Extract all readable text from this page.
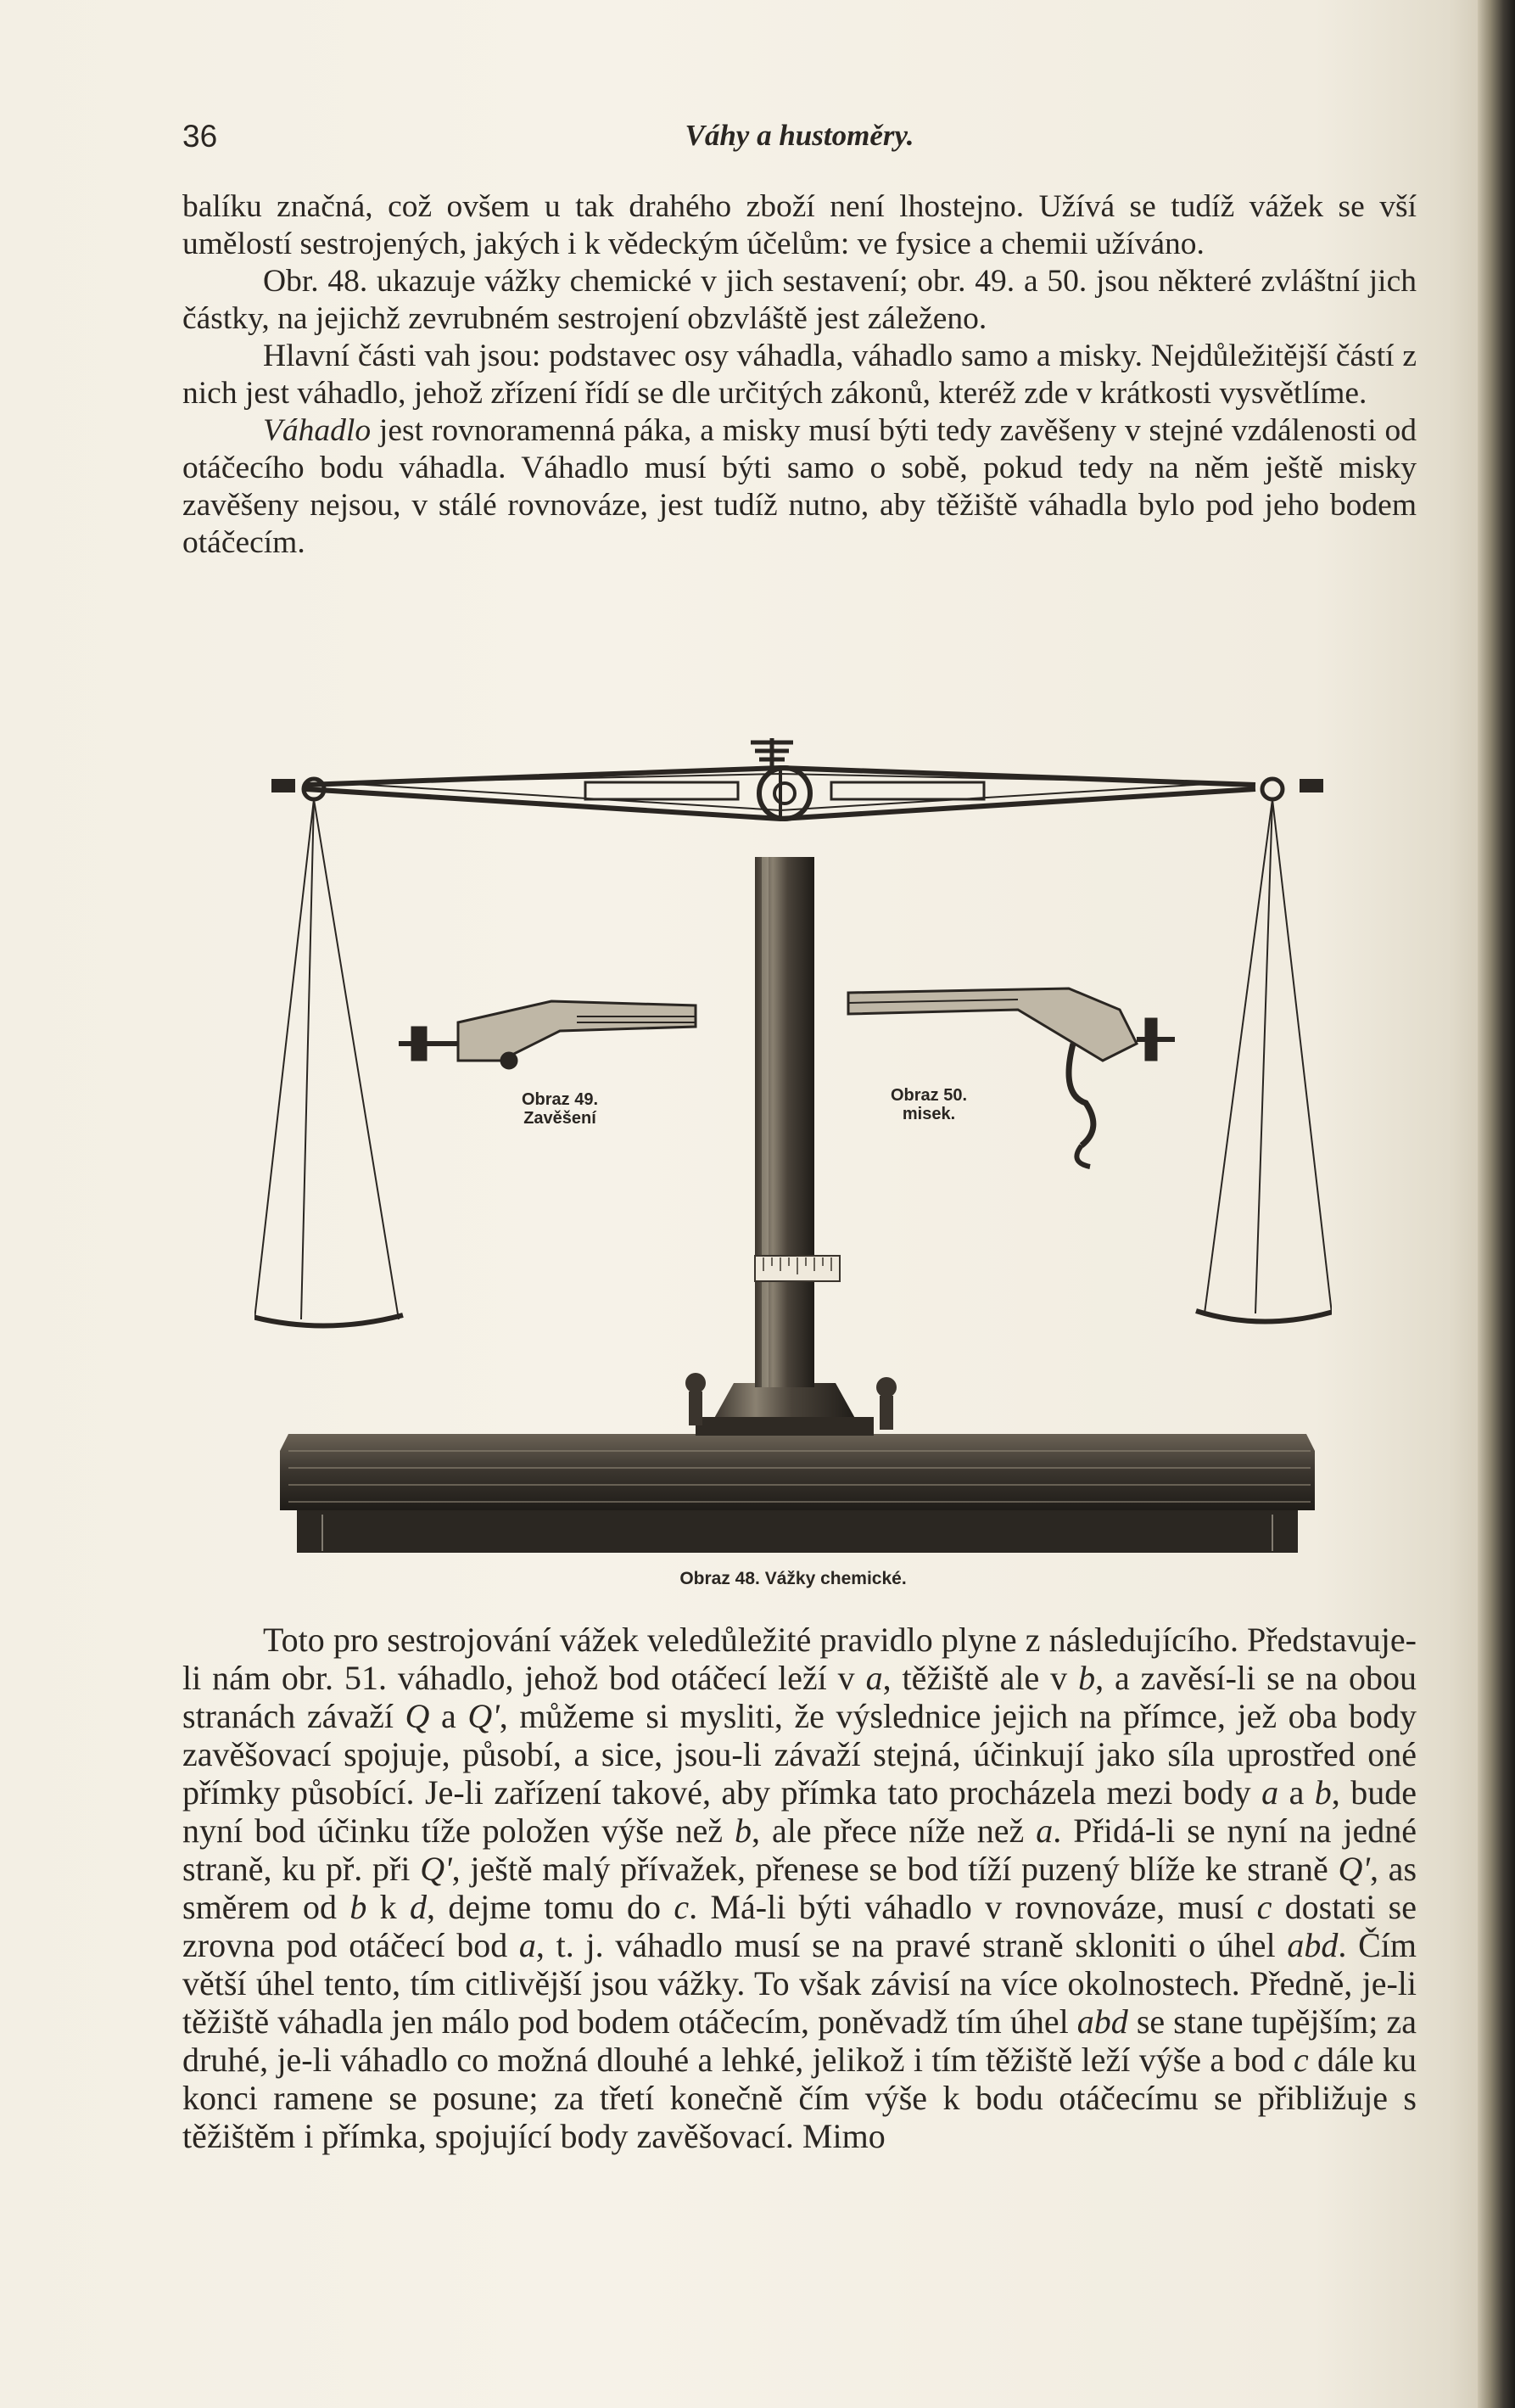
36	Váhy a hustoměry.

balíku značná, což ovšem u tak drahého zboží není lhostejno. Užívá se tudíž vážek se vší umělostí sestrojených, jakých i k vědeckým účelům: ve fysice a chemii užíváno.

Obr. 48. ukazuje vážky chemické v jich sestavení; obr. 49. a 50. jsou některé zvláštní jich částky, na jejichž zevrubném sestrojení obzvláště jest záleženo.

Hlavní části vah jsou: podstavec osy váhadla, váhadlo samo a misky. Nejdůležitější částí z nich jest váhadlo, jehož zřízení řídí se dle určitých zákonů, kteréž zde v krátkosti vysvětlíme.

Váhadlo jest rovnoramenná páka, a misky musí býti tedy zavěšeny v stejné vzdálenosti od otáčecího bodu váhadla. Váhadlo musí býti samo o sobě, pokud tedy na něm ještě misky zavěšeny nejsou, v stálé rovnováze, jest tudíž nutno, aby těžiště váhadla bylo pod jeho bodem otáčecím.

Obraz 49.
Zavěšení
Obraz 50.
misek.
Obraz 48. Vážky chemické.

Toto pro sestrojování vážek veledůležité pravidlo plyne z následujícího. Představuje-li nám obr. 51. váhadlo, jehož bod otáčecí leží v a, těžiště ale v b, a zavěsí-li se na obou stranách závaží Q a Q', můžeme si mysliti, že výslednice jejich na přímce, jež oba body zavěšovací spojuje, působí, a sice, jsou-li závaží stejná, účinkují jako síla uprostřed oné přímky působící. Je-li zařízení takové, aby přímka tato procházela mezi body a a b, bude nyní bod účinku tíže položen výše než b, ale přece níže než a. Přidá-li se nyní na jedné straně, ku př. při Q', ještě malý přívažek, přenese se bod tíží puzený blíže ke straně Q', as směrem od b k d, dejme tomu do c. Má-li býti váhadlo v rovnováze, musí c dostati se zrovna pod otáčecí bod a, t. j. váhadlo musí se na pravé straně skloniti o úhel abd. Čím větší úhel tento, tím citlivější jsou vážky. To však závisí na více okolnostech. Předně, je-li těžiště váhadla jen málo pod bodem otáčecím, poněvadž tím úhel abd se stane tupějším; za druhé, je-li váhadlo co možná dlouhé a lehké, jelikož i tím těžiště leží výše a bod c dále ku konci ramene se posune; za třetí konečně čím výše k bodu otáčecímu se přibližuje s těžištěm i přímka, spojující body zavěšovací. Mimo
